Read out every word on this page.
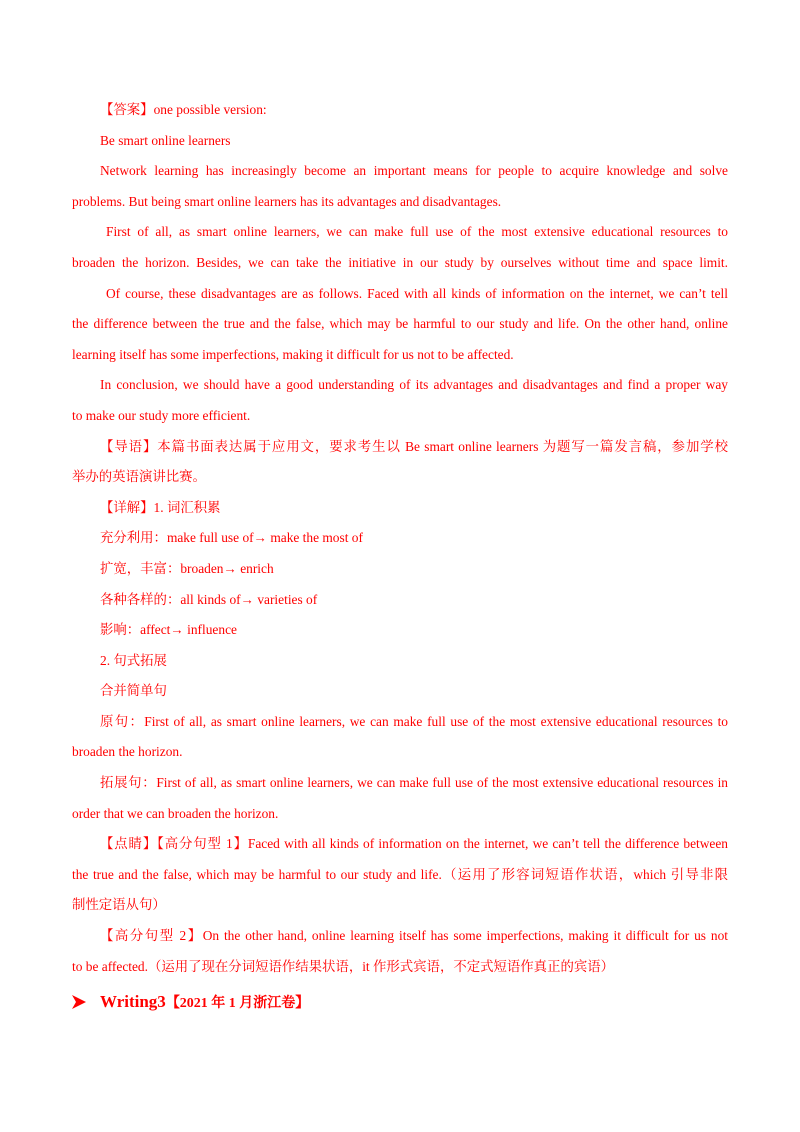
【答案】one possible version:
Be smart online learners
Network learning has increasingly become an important means for people to acquire knowledge and solve
problems. But being smart online learners has its advantages and disadvantages.
First of all, as smart online learners, we can make full use of the most extensive educational resources to
broaden the horizon. Besides, we can take the initiative in our study by ourselves without time and space limit.
Of course, these disadvantages are as follows. Faced with all kinds of information on the internet, we can’t tell
the difference between the true and the false, which may be harmful to our study and life. On the other hand, online
learning itself has some imperfections, making it difficult for us not to be affected.
In conclusion, we should have a good understanding of its advantages and disadvantages and find a proper way
to make our study more efficient.
【导语】本篇书面表达属于应用文，要求考生以 Be smart online learners 为题写一篇发言稿，参加学校
举办的英语演讲比赛。
【详解】1. 词汇积累
充分利用：make full use of→ make the most of
扩宽，丰富：broaden→ enrich
各种各样的：all kinds of→ varieties of
影响：affect→ influence
2. 句式拓展
合并简单句
原句：First of all, as smart online learners, we can make full use of the most extensive educational resources to
broaden the horizon.
拓展句：First of all, as smart online learners, we can make full use of the most extensive educational resources in
order that we can broaden the horizon.
【点睛】【高分句型 1】Faced with all kinds of information on the internet, we can’t tell the difference between
the true and the false, which may be harmful to our study and life.（运用了形容词短语作状语，which 引导非限
制性定语从句）
【高分句型 2】On the other hand, online learning itself has some imperfections, making it difficult for us not
to be affected.（运用了现在分词短语作结果状语，it 作形式宾语，不定式短语作真正的宾语）
Writing3 【2021 年 1 月浙江卷】
